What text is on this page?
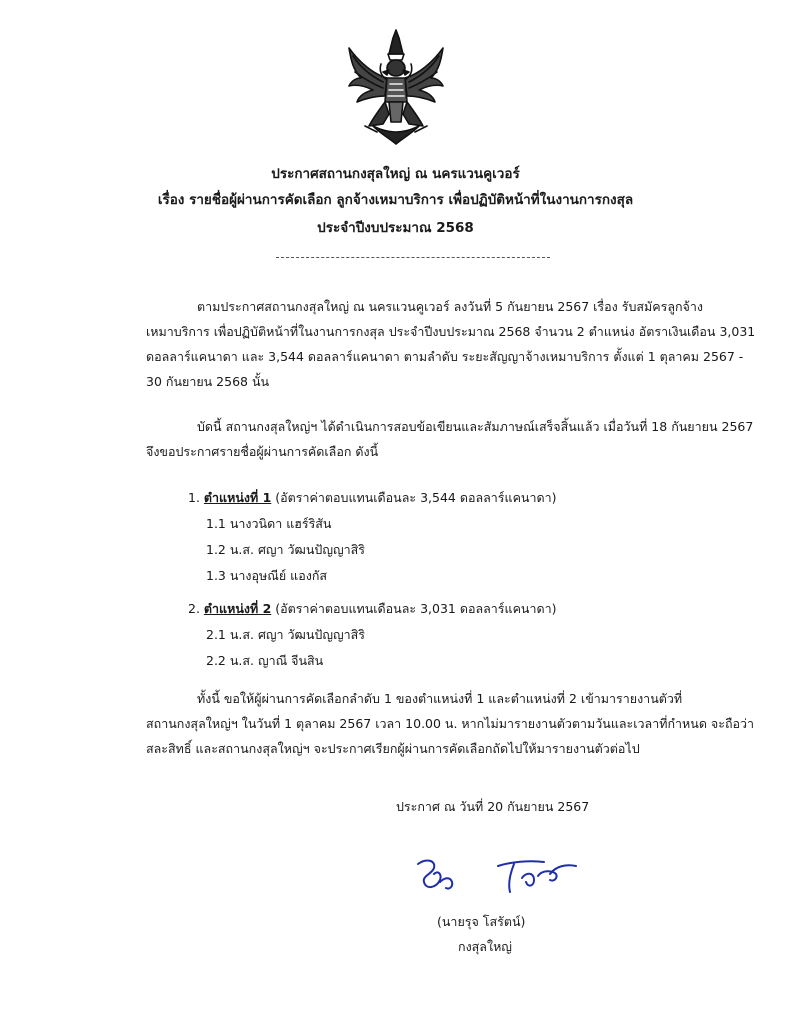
ประกาศสถานกงสุลใหญ่ ณ นครแวนคูเวอร์
เรื่อง รายชื่อผู้ผ่านการคัดเลือก ลูกจ้างเหมาบริการ เพื่อปฏิบัติหน้าที่ในงานการกงสุล
ประจำปีงบประมาณ 2568
ตามประกาศสถานกงสุลใหญ่ ณ นครแวนคูเวอร์ ลงวันที่ 5 กันยายน 2567 เรื่อง รับสมัครลูกจ้าง
เหมาบริการ เพื่อปฏิบัติหน้าที่ในงานการกงสุล ประจำปีงบประมาณ 2568 จำนวน 2 ตำแหน่ง อัตราเงินเดือน 3,031
ดอลลาร์แคนาดา และ 3,544 ดอลลาร์แคนาดา ตามลำดับ ระยะสัญญาจ้างเหมาบริการ ตั้งแต่ 1 ตุลาคม 2567 -
30 กันยายน 2568 นั้น
บัดนี้ สถานกงสุลใหญ่ฯ ได้ดำเนินการสอบข้อเขียนและสัมภาษณ์เสร็จสิ้นแล้ว เมื่อวันที่ 18 กันยายน 2567
จึงขอประกาศรายชื่อผู้ผ่านการคัดเลือก ดังนี้
1. ตำแหน่งที่ 1 (อัตราค่าตอบแทนเดือนละ 3,544 ดอลลาร์แคนาดา)
1.1 นางวนิดา แฮร์ริสัน
1.2 น.ส. ศญา วัฒนปัญญาสิริ
1.3 นางอุษณีย์ แองกัส
2. ตำแหน่งที่ 2 (อัตราค่าตอบแทนเดือนละ 3,031 ดอลลาร์แคนาดา)
2.1 น.ส. ศญา วัฒนปัญญาสิริ
2.2 น.ส. ญาณี จีนสิน
ทั้งนี้ ขอให้ผู้ผ่านการคัดเลือกลำดับ 1 ของตำแหน่งที่ 1 และตำแหน่งที่ 2 เข้ามารายงานตัวที่
สถานกงสุลใหญ่ฯ ในวันที่ 1 ตุลาคม 2567 เวลา 10.00 น. หากไม่มารายงานตัวตามวันและเวลาที่กำหนด จะถือว่า
สละสิทธิ์ และสถานกงสุลใหญ่ฯ จะประกาศเรียกผู้ผ่านการคัดเลือกถัดไปให้มารายงานตัวต่อไป
ประกาศ ณ วันที่ 20 กันยายน 2567
(นายรุจ โสรัตน์)
กงสุลใหญ่
